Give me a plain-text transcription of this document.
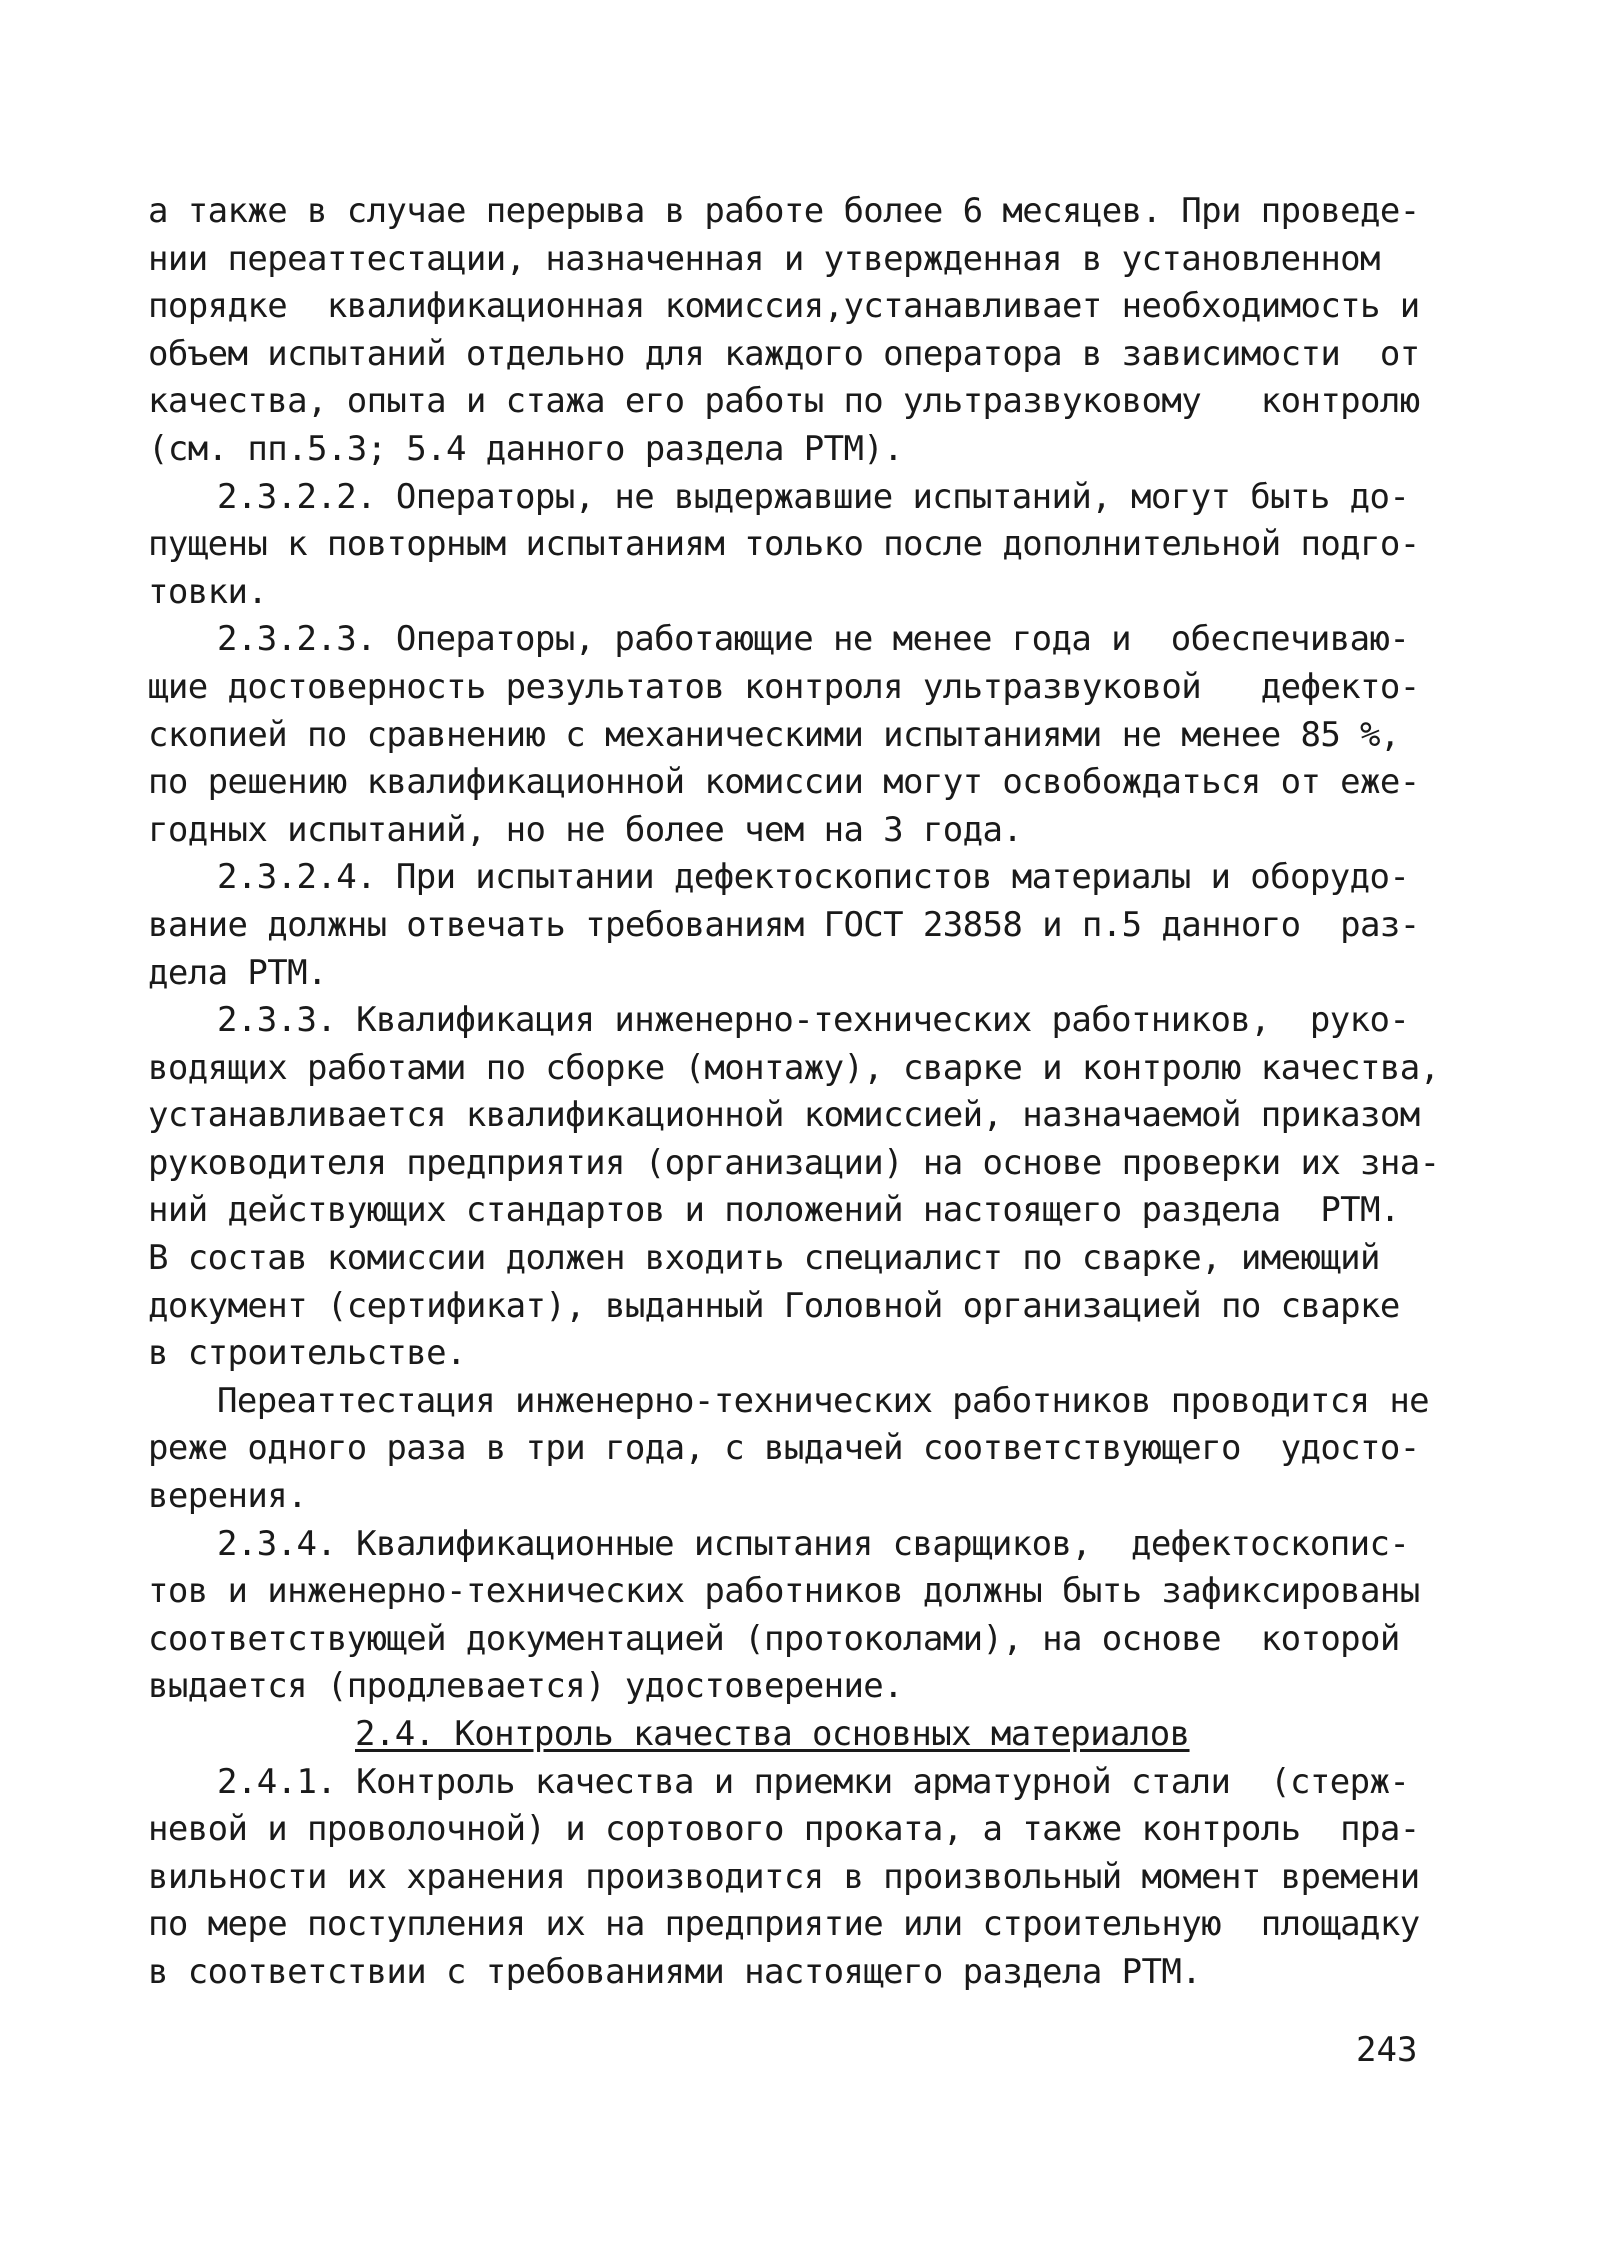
а также в случае перерыва в работе более 6 месяцев. При проведе-
нии переаттестации, назначенная и утвержденная в установленном
порядке  квалификационная комиссия,устанавливает необходимость и
объем испытаний отдельно для каждого оператора в зависимости  от
качества, опыта и стажа его работы по ультразвуковому   контролю
(см. пп.5.3; 5.4 данного раздела РТМ).
2.3.2.2. Операторы, не выдержавшие испытаний, могут быть до-
пущены к повторным испытаниям только после дополнительной подго-
товки.
2.3.2.3. Операторы, работающие не менее года и  обеспечиваю-
щие достоверность результатов контроля ультразвуковой   дефекто-
скопией по сравнению с механическими испытаниями не менее 85 %,
по решению квалификационной комиссии могут освобождаться от еже-
годных испытаний, но не более чем на 3 года.
2.3.2.4. При испытании дефектоскопистов материалы и оборудо-
вание должны отвечать требованиям ГОСТ 23858 и п.5 данного  раз-
дела РТМ.
2.3.3. Квалификация инженерно-технических работников,  руко-
водящих работами по сборке (монтажу), сварке и контролю качества,
устанавливается квалификационной комиссией, назначаемой приказом
руководителя предприятия (организации) на основе проверки их зна-
ний действующих стандартов и положений настоящего раздела  РТМ.
В состав комиссии должен входить специалист по сварке, имеющий
документ (сертификат), выданный Головной организацией по сварке
в строительстве.
Переаттестация инженерно-технических работников проводится не
реже одного раза в три года, с выдачей соответствующего  удосто-
верения.
2.3.4. Квалификационные испытания сварщиков,  дефектоскопис-
тов и инженерно-технических работников должны быть зафиксированы
соответствующей документацией (протоколами), на основе  которой
выдается (продлевается) удостоверение.
2.4. Контроль качества основных материалов
2.4.1. Контроль качества и приемки арматурной стали  (стерж-
невой и проволочной) и сортового проката, а также контроль  пра-
вильности их хранения производится в произвольный момент времени
по мере поступления их на предприятие или строительную  площадку
в соответствии с требованиями настоящего раздела РТМ.
243
